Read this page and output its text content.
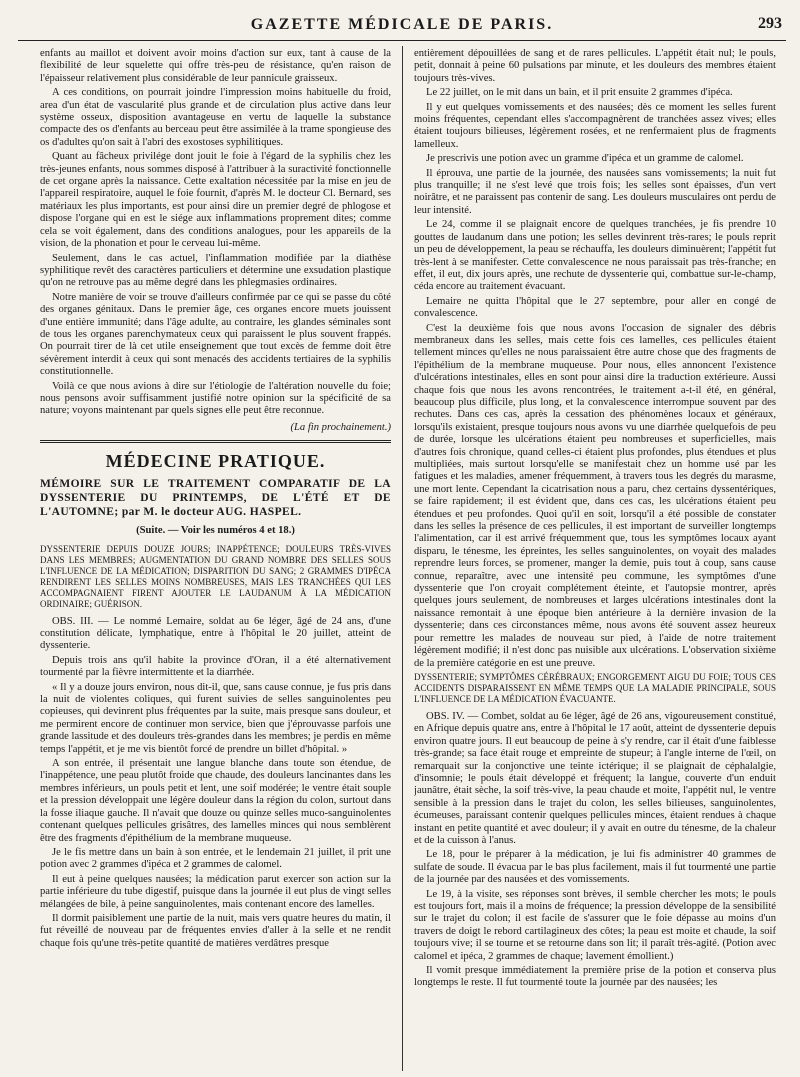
GAZETTE MÉDICALE DE PARIS.	293

enfants au maillot et doivent avoir moins d'action sur eux, tant à cause de la flexibilité de leur squelette qui offre très-peu de résistance, qu'en raison de l'épaisseur relativement plus considérable de leur pannicule graisseux.

A ces conditions, on pourrait joindre l'impression moins habituelle du froid, area d'un état de vascularité plus grande et de circulation plus active dans leur système osseux, disposition avantageuse en vertu de laquelle la substance compacte des os d'enfants au berceau peut être assimilée à la trame spongieuse des os d'adultes qu'on sait à l'abri des exostoses syphilitiques.

Quant au fâcheux privilége dont jouit le foie à l'égard de la syphilis chez les très-jeunes enfants, nous sommes disposé à l'attribuer à la suractivité fonctionnelle de cet organe après la naissance. Cette exaltation nécessitée par la mise en jeu de l'appareil respiratoire, auquel le foie fournit, d'après M. le docteur Cl. Bernard, ses matériaux les plus importants, est pour ainsi dire un premier degré de phlogose et dispose l'organe qui en est le siége aux inflammations proprement dites; comme cela se voit également, dans des conditions analogues, pour les appareils de la vision, de la phonation et pour le cerveau lui-même.

Seulement, dans le cas actuel, l'inflammation modifiée par la diathèse syphilitique revêt des caractères particuliers et détermine une exsudation plastique qu'on ne retrouve pas au même degré dans les phlegmasies ordinaires.

Notre manière de voir se trouve d'ailleurs confirmée par ce qui se passe du côté des organes génitaux. Dans le premier âge, ces organes encore muets jouissent d'une entière immunité; dans l'âge adulte, au contraire, les glandes séminales sont de tous les organes parenchymateux ceux qui paraissent le plus souvent frappés. On pourrait tirer de là cet utile enseignement que tout excès de femme doit être sévèrement interdit à ceux qui sont menacés des accidents tertiaires de la syphilis constitutionnelle.

Voilà ce que nous avions à dire sur l'étiologie de l'altération nouvelle du foie; nous pensons avoir suffisamment justifié notre opinion sur la spécificité de sa nature; voyons maintenant par quels signes elle peut être reconnue.

(La fin prochainement.)
MÉDECINE PRATIQUE.

MÉMOIRE SUR LE TRAITEMENT COMPARATIF DE LA DYSSENTERIE DU PRINTEMPS, DE L'ÉTÉ ET DE L'AUTOMNE; par M. le docteur AUG. HASPEL.

(Suite. — Voir les numéros 4 et 18.)

DYSSENTERIE DEPUIS DOUZE JOURS; INAPPÉTENCE; DOULEURS TRÈS-VIVES DANS LES MEMBRES; AUGMENTATION DU GRAND NOMBRE DES SELLES SOUS L'INFLUENCE DE LA MÉDICATION; DISPARITION DU SANG; 2 GRAMMES D'IPÉCA RENDIRENT LES SELLES MOINS NOMBREUSES, MAIS LES TRANCHÉES QUI LES ACCOMPAGNAIENT FIRENT AJOUTER LE LAUDANUM À LA MÉDICATION ORDINAIRE; GUÉRISON.

OBS. III. — Le nommé Lemaire, soldat au 6e léger, âgé de 24 ans, d'une constitution délicate, lymphatique, entre à l'hôpital le 20 juillet, atteint de dyssenterie.

Depuis trois ans qu'il habite la province d'Oran, il a été alternativement tourmenté par la fièvre intermittente et la diarrhée.

« Il y a douze jours environ, nous dit-il, que, sans cause connue, je fus pris dans la nuit de violentes coliques, qui furent suivies de selles sanguinolentes peu copieuses, qui devinrent plus fréquentes par la suite, mais presque sans douleur, et me permirent encore de continuer mon service, bien que j'éprouvasse parfois une grande lassitude et des douleurs très-grandes dans les membres; je perdis en même temps l'appétit, et je me vis bientôt forcé de prendre un billet d'hôpital. »

A son entrée, il présentait une langue blanche dans toute son étendue, de l'inappétence, une peau plutôt froide que chaude, des douleurs lancinantes dans les membres inférieurs, un pouls petit et lent, une soif modérée; le ventre était souple et la pression développait une légère douleur dans la région du colon, surtout dans la fosse iliaque gauche. Il n'avait que douze ou quinze selles muco-sanguinolentes contenant quelques pellicules grisâtres, des lamelles minces qui nous semblèrent être des fragments d'épithélium de la membrane muqueuse.

Je le fis mettre dans un bain à son entrée, et le lendemain 21 juillet, il prit une potion avec 2 grammes d'ipéca et 2 grammes de calomel.

Il eut à peine quelques nausées; la médication parut exercer son action sur la partie inférieure du tube digestif, puisque dans la journée il eut plus de vingt selles mélangées de bile, à peine sanguinolentes, mais contenant encore des lamelles.

Il dormit paisiblement une partie de la nuit, mais vers quatre heures du matin, il fut réveillé de nouveau par de fréquentes envies d'aller à la selle et ne rendit chaque fois qu'une très-petite quantité de matières verdâtres presque

entièrement dépouillées de sang et de rares pellicules. L'appétit était nul; le pouls, petit, donnait à peine 60 pulsations par minute, et les douleurs des membres étaient toujours très-vives.

Le 22 juillet, on le mit dans un bain, et il prit ensuite 2 grammes d'ipéca.

Il y eut quelques vomissements et des nausées; dès ce moment les selles furent moins fréquentes, cependant elles s'accompagnèrent de tranchées assez vives; elles étaient toujours bilieuses, légèrement rosées, et ne renfermaient plus de fragments lamelleux.

Je prescrivis une potion avec un gramme d'ipéca et un gramme de calomel.

Il éprouva, une partie de la journée, des nausées sans vomissements; la nuit fut plus tranquille; il ne s'est levé que trois fois; les selles sont épaisses, d'un vert noirâtre, et ne paraissent pas contenir de sang. Les douleurs musculaires ont perdu de leur intensité.

Le 24, comme il se plaignait encore de quelques tranchées, je fis prendre 10 gouttes de laudanum dans une potion; les selles devinrent très-rares; le pouls reprit un peu de développement, la peau se réchauffa, les douleurs diminuèrent; l'appétit fut très-lent à se manifester. Cette convalescence ne nous paraissait pas très-franche; en effet, il eut, dix jours après, une rechute de dyssenterie qui, combattue sur-le-champ, céda encore au traitement évacuant.

Lemaire ne quitta l'hôpital que le 27 septembre, pour aller en congé de convalescence.

C'est la deuxième fois que nous avons l'occasion de signaler des débris membraneux dans les selles, mais cette fois ces lamelles, ces pellicules étaient tellement minces qu'elles ne nous paraissaient être autre chose que des fragments de l'épithélium de la membrane muqueuse. Pour nous, elles annoncent l'existence d'ulcérations intestinales, elles en sont pour ainsi dire la traduction extérieure. Aussi chaque fois que nous les avons rencontrées, le traitement a-t-il été, en général, beaucoup plus difficile, plus long, et la convalescence interrompue souvent par des rechutes. Dans ces cas, après la cessation des phénomènes locaux et généraux, lorsqu'ils existaient, presque toujours nous avons vu une diarrhée quelquefois de peu de durée, lorsque les ulcérations étaient peu nombreuses et superficielles, mais d'autres fois chronique, quand celles-ci étaient plus profondes, plus étendues et plus multipliées, mais surtout lorsqu'elle se manifestait chez un homme usé par les fatigues et les maladies, amener fréquemment, à travers tous les degrés du marasme, une mort lente. Cependant la cicatrisation nous a paru, chez certains dyssentériques, se faire rapidement; il est évident que, dans ces cas, les ulcérations étaient peu étendues et peu profondes. Quoi qu'il en soit, lorsqu'il a été possible de constater dans les selles la présence de ces pellicules, il est important de surveiller longtemps l'alimentation, car il est arrivé fréquemment que, tous les symptômes locaux ayant disparu, le ténesme, les épreintes, les selles sanguinolentes, on voyait des malades reprendre leurs forces, se promener, manger la demie, puis tout à coup, sans cause connue, reparaître, avec une intensité peu commune, les symptômes d'une dyssenterie que l'on croyait complétement éteinte, et l'autopsie montrer, après quelques jours seulement, de nombreuses et larges ulcérations intestinales dont la naissance remontait à une époque bien antérieure à la dernière invasion de la dyssenterie; dans ces circonstances même, nous avons été souvent assez heureux pour remettre les malades de nouveau sur pied, à l'aide de notre traitement légèrement modifié; il n'est donc pas nuisible aux ulcérations. L'observation sixième de la première catégorie en est une preuve.

DYSSENTERIE; SYMPTÔMES CÉRÉBRAUX; ENGORGEMENT AIGU DU FOIE; TOUS CES ACCIDENTS DISPARAISSENT EN MÊME TEMPS QUE LA MALADIE PRINCIPALE, SOUS L'INFLUENCE DE LA MÉDICATION ÉVACUANTE.

OBS. IV. — Combet, soldat au 6e léger, âgé de 26 ans, vigoureusement constitué, en Afrique depuis quatre ans, entre à l'hôpital le 17 août, atteint de dyssenterie depuis environ quatre jours. Il eut beaucoup de peine à s'y rendre, car il était d'une faiblesse très-grande; sa face était rouge et empreinte de stupeur; à l'angle interne de l'œil, on remarquait sur la conjonctive une teinte ictérique; il se plaignait de céphalalgie, d'insomnie; le pouls était développé et fréquent; la langue, couverte d'un enduit jaunâtre, était sèche, la soif très-vive, la peau chaude et moite, l'appétit nul, le ventre sensible à la pression dans le trajet du colon, les selles bilieuses, sanguinolentes, écumeuses, paraissant contenir quelques pellicules minces, étaient rendues à chaque instant en petite quantité et avec douleur; il y avait en outre du ténesme, de la chaleur et de la cuisson à l'anus.

Le 18, pour le préparer à la médication, je lui fis administrer 40 grammes de sulfate de soude. Il évacua par le bas plus facilement, mais il fut tourmenté une partie de la journée par des nausées et des vomissements.

Le 19, à la visite, ses réponses sont brèves, il semble chercher les mots; le pouls est toujours fort, mais il a moins de fréquence; la pression développe de la sensibilité sur le trajet du colon; il est facile de s'assurer que le foie dépasse au moins d'un travers de doigt le rebord cartilagineux des côtes; la peau est moite et chaude, la soif toujours vive; il se tourne et se retourne dans son lit; il paraît très-agité. (Potion avec calomel et ipéca, 2 grammes de chaque; lavement émollient.)

Il vomit presque immédiatement la première prise de la potion et conserva plus longtemps le reste. Il fut tourmenté toute la journée par des nausées; les
